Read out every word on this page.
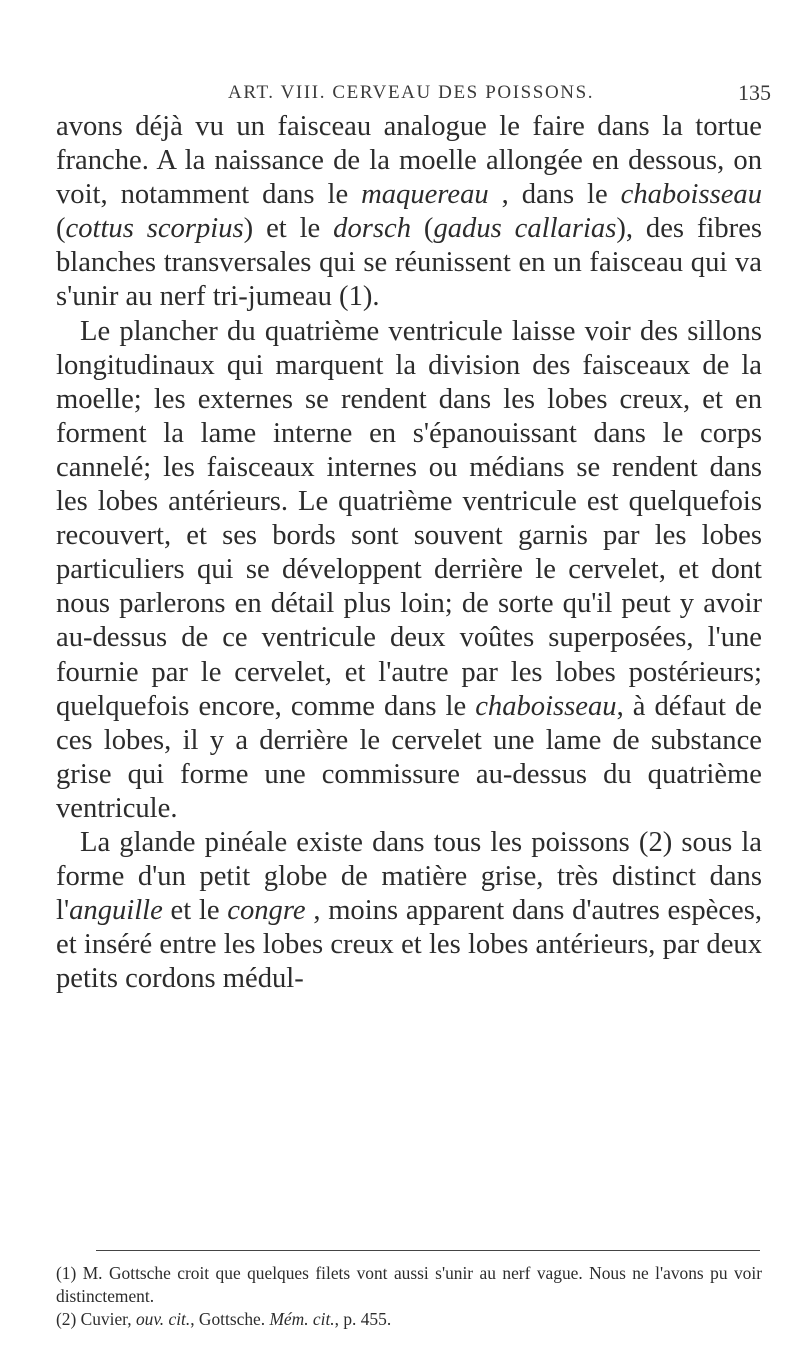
ART. VIII. CERVEAU DES POISSONS.	135

avons déjà vu un faisceau analogue le faire dans la tortue franche. A la naissance de la moelle allongée en dessous, on voit, notamment dans le maquereau , dans le chaboisseau (cottus scorpius) et le dorsch (gadus callarias), des fibres blanches transversales qui se réunissent en un faisceau qui va s'unir au nerf tri-jumeau (1).

Le plancher du quatrième ventricule laisse voir des sillons longitudinaux qui marquent la division des faisceaux de la moelle; les externes se rendent dans les lobes creux, et en forment la lame interne en s'épanouissant dans le corps cannelé; les faisceaux internes ou médians se rendent dans les lobes antérieurs. Le quatrième ventricule est quelquefois recouvert, et ses bords sont souvent garnis par les lobes particuliers qui se développent derrière le cervelet, et dont nous parlerons en détail plus loin; de sorte qu'il peut y avoir au-dessus de ce ventricule deux voûtes superposées, l'une fournie par le cervelet, et l'autre par les lobes postérieurs; quelquefois encore, comme dans le chaboisseau, à défaut de ces lobes, il y a derrière le cervelet une lame de substance grise qui forme une commissure au-dessus du quatrième ventricule.

La glande pinéale existe dans tous les poissons (2) sous la forme d'un petit globe de matière grise, très distinct dans l'anguille et le congre , moins apparent dans d'autres espèces, et inséré entre les lobes creux et les lobes antérieurs, par deux petits cordons médul-

(1) M. Gottsche croit que quelques filets vont aussi s'unir au nerf vague. Nous ne l'avons pu voir distinctement.

(2) Cuvier, ouv. cit., Gottsche. Mém. cit., p. 455.
